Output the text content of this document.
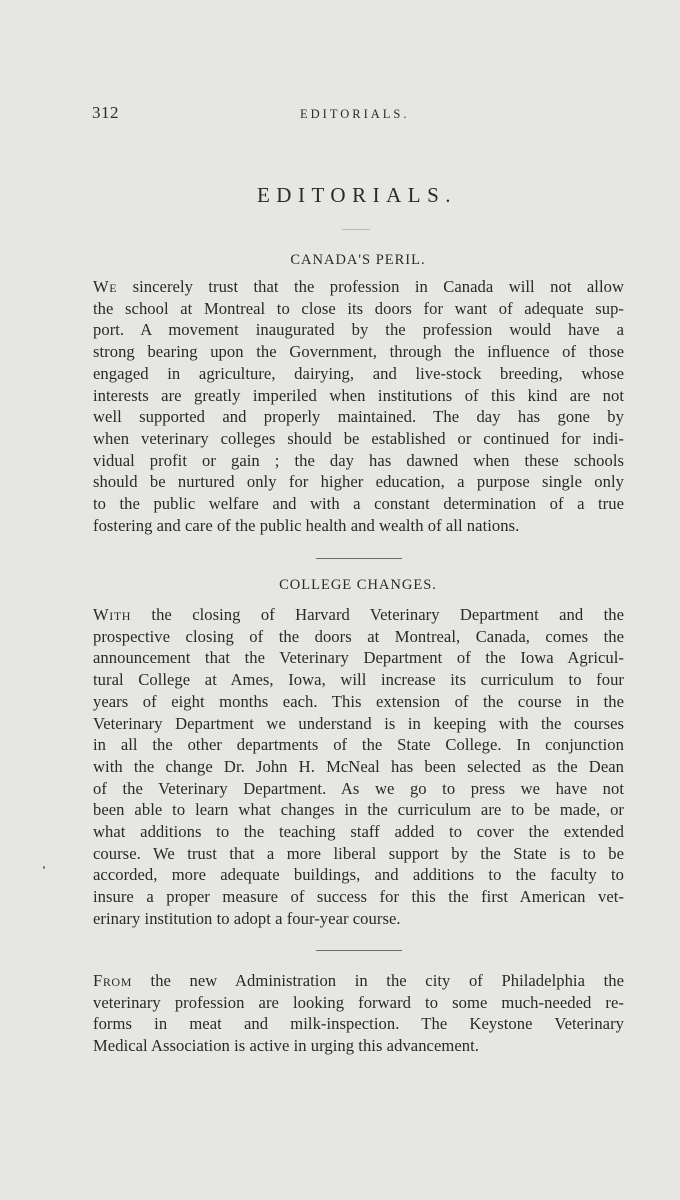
312	EDITORIALS.
EDITORIALS.
CANADA'S PERIL.
We sincerely trust that the profession in Canada will not allow
the school at Montreal to close its doors for want of adequate sup-
port. A movement inaugurated by the profession would have a
strong bearing upon the Government, through the influence of those
engaged in agriculture, dairying, and live-stock breeding, whose
interests are greatly imperiled when institutions of this kind are not
well supported and properly maintained. The day has gone by
when veterinary colleges should be established or continued for indi-
vidual profit or gain ; the day has dawned when these schools
should be nurtured only for higher education, a purpose single only
to the public welfare and with a constant determination of a true
fostering and care of the public health and wealth of all nations.
COLLEGE CHANGES.
With the closing of Harvard Veterinary Department and the
prospective closing of the doors at Montreal, Canada, comes the
announcement that the Veterinary Department of the Iowa Agricul-
tural College at Ames, Iowa, will increase its curriculum to four
years of eight months each. This extension of the course in the
Veterinary Department we understand is in keeping with the courses
in all the other departments of the State College. In conjunction
with the change Dr. John H. McNeal has been selected as the Dean
of the Veterinary Department. As we go to press we have not
been able to learn what changes in the curriculum are to be made, or
what additions to the teaching staff added to cover the extended
course. We trust that a more liberal support by the State is to be
accorded, more adequate buildings, and additions to the faculty to
insure a proper measure of success for this the first American vet-
erinary institution to adopt a four-year course.
From the new Administration in the city of Philadelphia the
veterinary profession are looking forward to some much-needed re-
forms in meat and milk-inspection. The Keystone Veterinary
Medical Association is active in urging this advancement.
